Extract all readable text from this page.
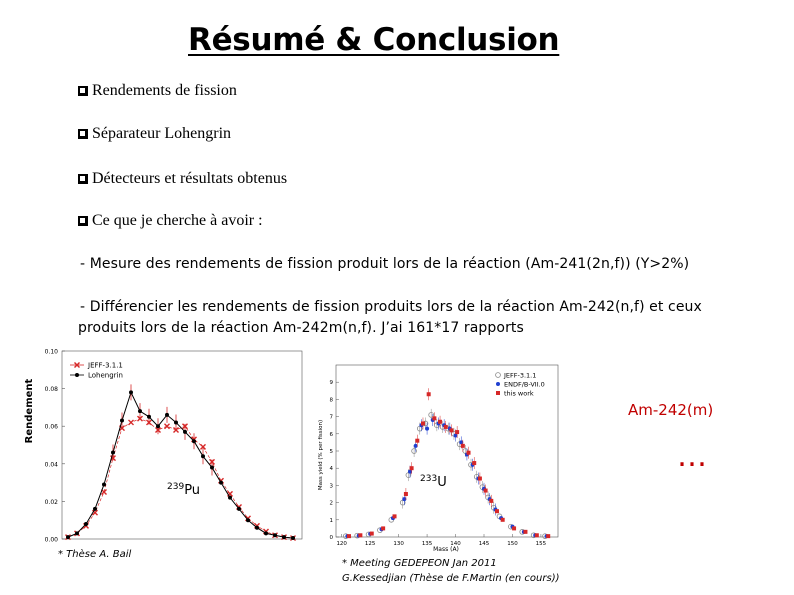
Résumé & Conclusion
Rendements de fission
Séparateur Lohengrin
Détecteurs et résultats obtenus
Ce que je cherche à avoir :
- Mesure des rendements de fission produit lors de la réaction (Am-241(2n,f)) (Y>2%)
- Différencier les rendements de fission produits lors de la réaction Am-242(n,f) et ceux
produits lors de la réaction Am-242m(n,f). J’ai 161*17 rapports
Rendement
0.00
0.02
0.04
0.06
0.08
0.10
JEFF-3.1.1
Lohengrin
$^{239}$Pu
Mass yield (% per fission)
0
1
2
3
4
5
6
7
8
9
120	125	130	135	140	145	150	155
JEFF-3.1.1
ENDF/B-VII.0
this work
Mass (A)
$^{233}$U
Am-242(m)
…
* Thèse A. Bail
* Meeting GEDEPEON Jan 2011
G.Kessedjian (Thèse de F.Martin (en cours))
